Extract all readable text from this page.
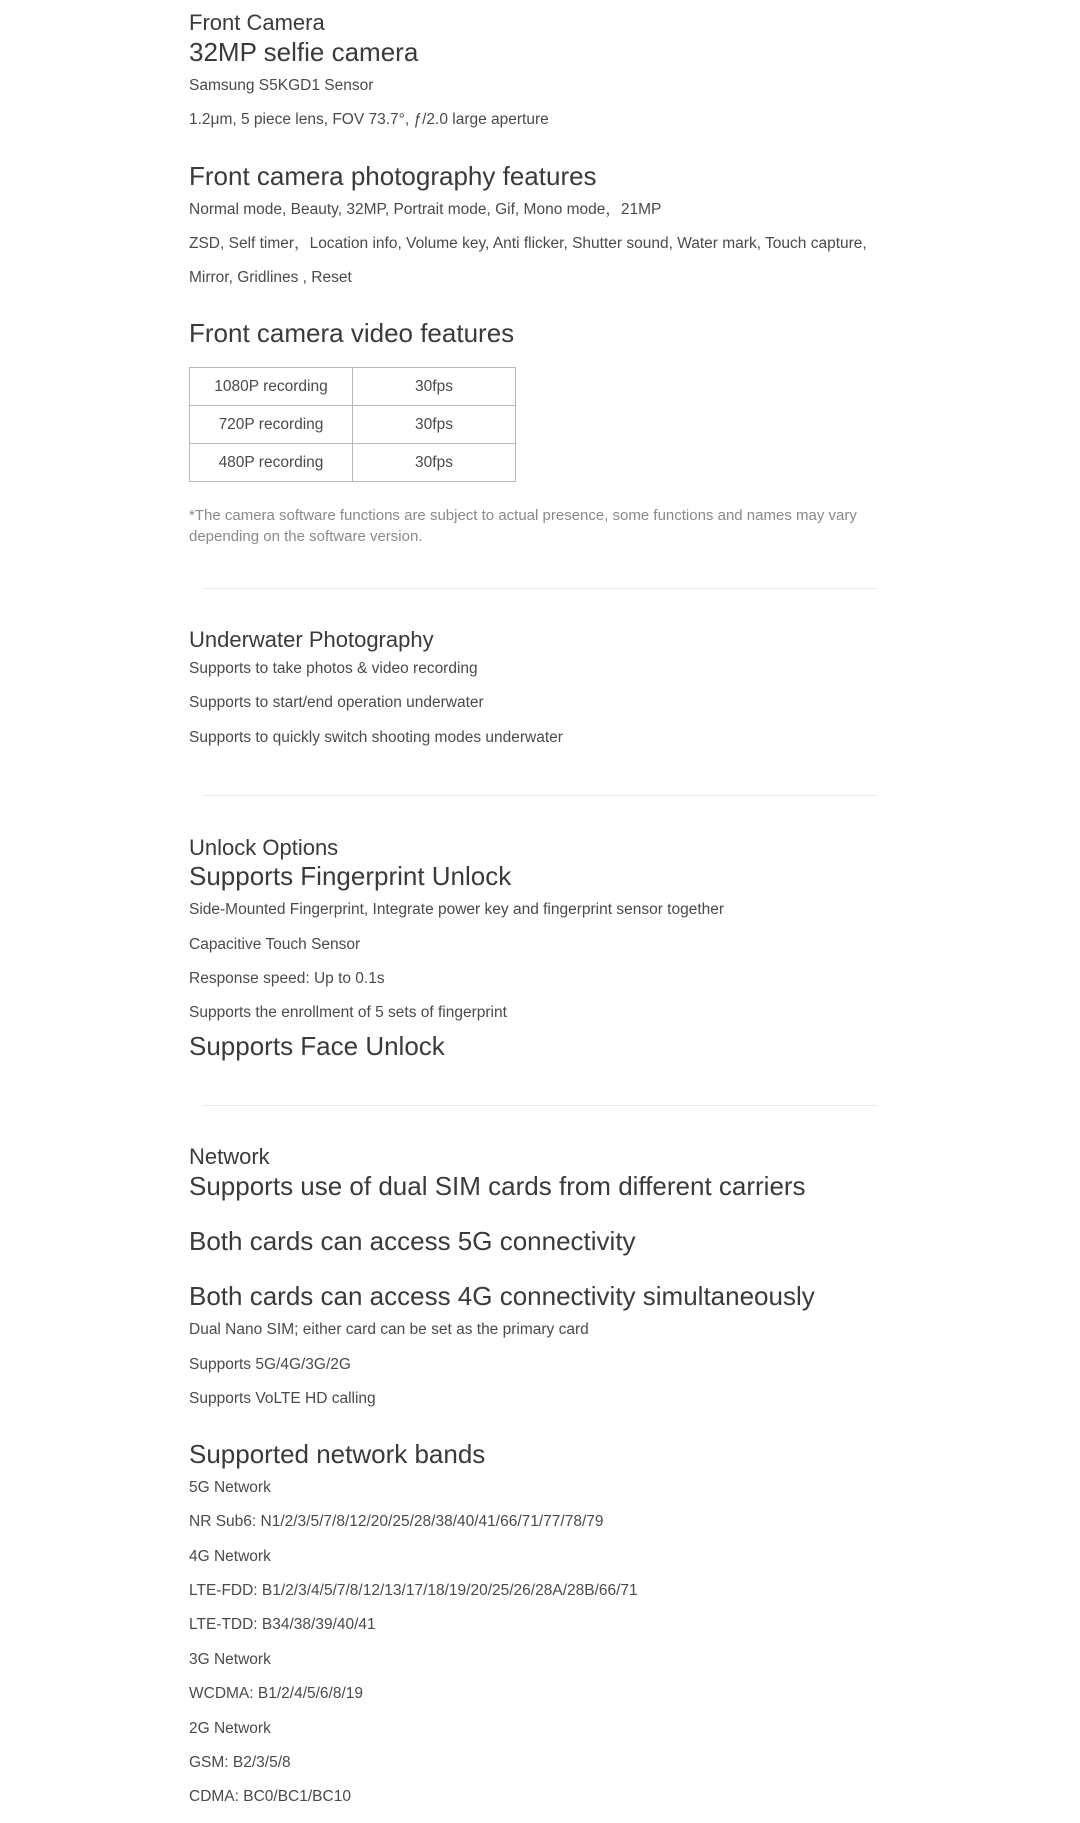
Front Camera
32MP selfie camera
Samsung S5KGD1 Sensor
1.2μm, 5 piece lens, FOV 73.7°, ƒ/2.0 large aperture
Front camera photography features
Normal mode, Beauty, 32MP, Portrait mode, Gif, Mono mode，21MP
ZSD, Self timer，Location info, Volume key, Anti flicker, Shutter sound, Water mark, Touch capture,
Mirror, Gridlines , Reset
Front camera video features
1080P recording	30fps
720P recording	30fps
480P recording	30fps
*The camera software functions are subject to actual presence, some functions and names may vary depending on the software version.
Underwater Photography
Supports to take photos & video recording
Supports to start/end operation underwater
Supports to quickly switch shooting modes underwater
Unlock Options
Supports Fingerprint Unlock
Side-Mounted Fingerprint, Integrate power key and fingerprint sensor together
Capacitive Touch Sensor
Response speed: Up to 0.1s
Supports the enrollment of 5 sets of fingerprint
Supports Face Unlock
Network
Supports use of dual SIM cards from different carriers
Both cards can access 5G connectivity
Both cards can access 4G connectivity simultaneously
Dual Nano SIM; either card can be set as the primary card
Supports 5G/4G/3G/2G
Supports VoLTE HD calling
Supported network bands
5G Network
NR Sub6: N1/2/3/5/7/8/12/20/25/28/38/40/41/66/71/77/78/79
4G Network
LTE-FDD: B1/2/3/4/5/7/8/12/13/17/18/19/20/25/26/28A/28B/66/71
LTE-TDD: B34/38/39/40/41
3G Network
WCDMA: B1/2/4/5/6/8/19
2G Network
GSM: B2/3/5/8
CDMA: BC0/BC1/BC10
